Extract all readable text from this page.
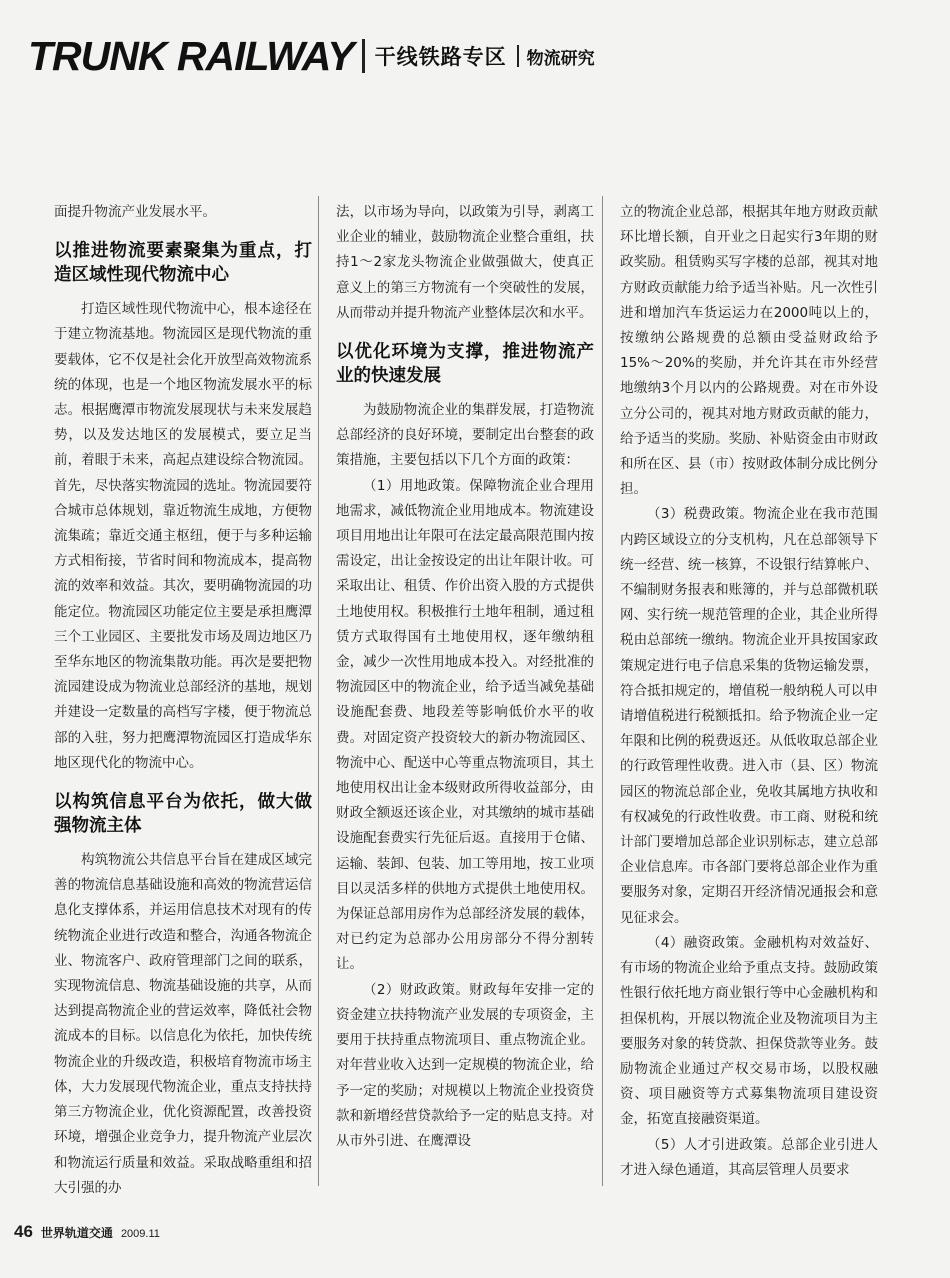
TRUNK RAILWAY 干线铁路专区 物流研究

面提升物流产业发展水平。

以推进物流要素聚集为重点，打造区域性现代物流中心

打造区域性现代物流中心，根本途径在于建立物流基地。物流园区是现代物流的重要载体，它不仅是社会化开放型高效物流系统的体现，也是一个地区物流发展水平的标志。根据鹰潭市物流发展现状与未来发展趋势，以及发达地区的发展模式，要立足当前，着眼于未来，高起点建设综合物流园。首先，尽快落实物流园的选址。物流园要符合城市总体规划，靠近物流生成地，方便物流集疏；靠近交通主枢纽，便于与多种运输方式相衔接，节省时间和物流成本，提高物流的效率和效益。其次，要明确物流园的功能定位。物流园区功能定位主要是承担鹰潭三个工业园区、主要批发市场及周边地区乃至华东地区的物流集散功能。再次是要把物流园建设成为物流业总部经济的基地，规划并建设一定数量的高档写字楼，便于物流总部的入驻，努力把鹰潭物流园区打造成华东地区现代化的物流中心。

以构筑信息平台为依托，做大做强物流主体

构筑物流公共信息平台旨在建成区域完善的物流信息基础设施和高效的物流营运信息化支撑体系，并运用信息技术对现有的传统物流企业进行改造和整合，沟通各物流企业、物流客户、政府管理部门之间的联系，实现物流信息、物流基础设施的共享，从而达到提高物流企业的营运效率，降低社会物流成本的目标。以信息化为依托，加快传统物流企业的升级改造，积极培育物流市场主体，大力发展现代物流企业，重点支持扶持第三方物流企业，优化资源配置，改善投资环境，增强企业竞争力，提升物流产业层次和物流运行质量和效益。采取战略重组和招大引强的办

法，以市场为导向，以政策为引导，剥离工业企业的辅业，鼓励物流企业整合重组，扶持1～2家龙头物流企业做强做大，使真正意义上的第三方物流有一个突破性的发展，从而带动并提升物流产业整体层次和水平。

以优化环境为支撑，推进物流产业的快速发展

为鼓励物流企业的集群发展，打造物流总部经济的良好环境，要制定出台整套的政策措施，主要包括以下几个方面的政策：

（1）用地政策。保障物流企业合理用地需求，减低物流企业用地成本。物流建设项目用地出让年限可在法定最高限范围内按需设定，出让金按设定的出让年限计收。可采取出让、租赁、作价出资入股的方式提供土地使用权。积极推行土地年租制，通过租赁方式取得国有土地使用权，逐年缴纳租金，减少一次性用地成本投入。对经批准的物流园区中的物流企业，给予适当减免基础设施配套费、地段差等影响低价水平的收费。对固定资产投资较大的新办物流园区、物流中心、配送中心等重点物流项目，其土地使用权出让金本级财政所得收益部分，由财政全额返还该企业，对其缴纳的城市基础设施配套费实行先征后返。直接用于仓储、运输、装卸、包装、加工等用地，按工业项目以灵活多样的供地方式提供土地使用权。为保证总部用房作为总部经济发展的载体，对已约定为总部办公用房部分不得分割转让。

（2）财政政策。财政每年安排一定的资金建立扶持物流产业发展的专项资金，主要用于扶持重点物流项目、重点物流企业。对年营业收入达到一定规模的物流企业，给予一定的奖励；对规模以上物流企业投资贷款和新增经营贷款给予一定的贴息支持。对从市外引进、在鹰潭设

立的物流企业总部，根据其年地方财政贡献环比增长额，自开业之日起实行3年期的财政奖励。租赁购买写字楼的总部，视其对地方财政贡献能力给予适当补贴。凡一次性引进和增加汽车货运运力在2000吨以上的，按缴纳公路规费的总额由受益财政给予15%～20%的奖励，并允许其在市外经营地缴纳3个月以内的公路规费。对在市外设立分公司的，视其对地方财政贡献的能力，给予适当的奖励。奖励、补贴资金由市财政和所在区、县（市）按财政体制分成比例分担。

（3）税费政策。物流企业在我市范围内跨区域设立的分支机构，凡在总部领导下统一经营、统一核算，不设银行结算帐户、不编制财务报表和账簿的，并与总部微机联网、实行统一规范管理的企业，其企业所得税由总部统一缴纳。物流企业开具按国家政策规定进行电子信息采集的货物运输发票，符合抵扣规定的，增值税一般纳税人可以申请增值税进行税额抵扣。给予物流企业一定年限和比例的税费返还。从低收取总部企业的行政管理性收费。进入市（县、区）物流园区的物流总部企业，免收其属地方执收和有权减免的行政性收费。市工商、财税和统计部门要增加总部企业识别标志，建立总部企业信息库。市各部门要将总部企业作为重要服务对象，定期召开经济情况通报会和意见征求会。

（4）融资政策。金融机构对效益好、有市场的物流企业给予重点支持。鼓励政策性银行依托地方商业银行等中心金融机构和担保机构，开展以物流企业及物流项目为主要服务对象的转贷款、担保贷款等业务。鼓励物流企业通过产权交易市场，以股权融资、项目融资等方式募集物流项目建设资金，拓宽直接融资渠道。

（5）人才引进政策。总部企业引进人才进入绿色通道，其高层管理人员要求

46 世界轨道交通 2009.11
